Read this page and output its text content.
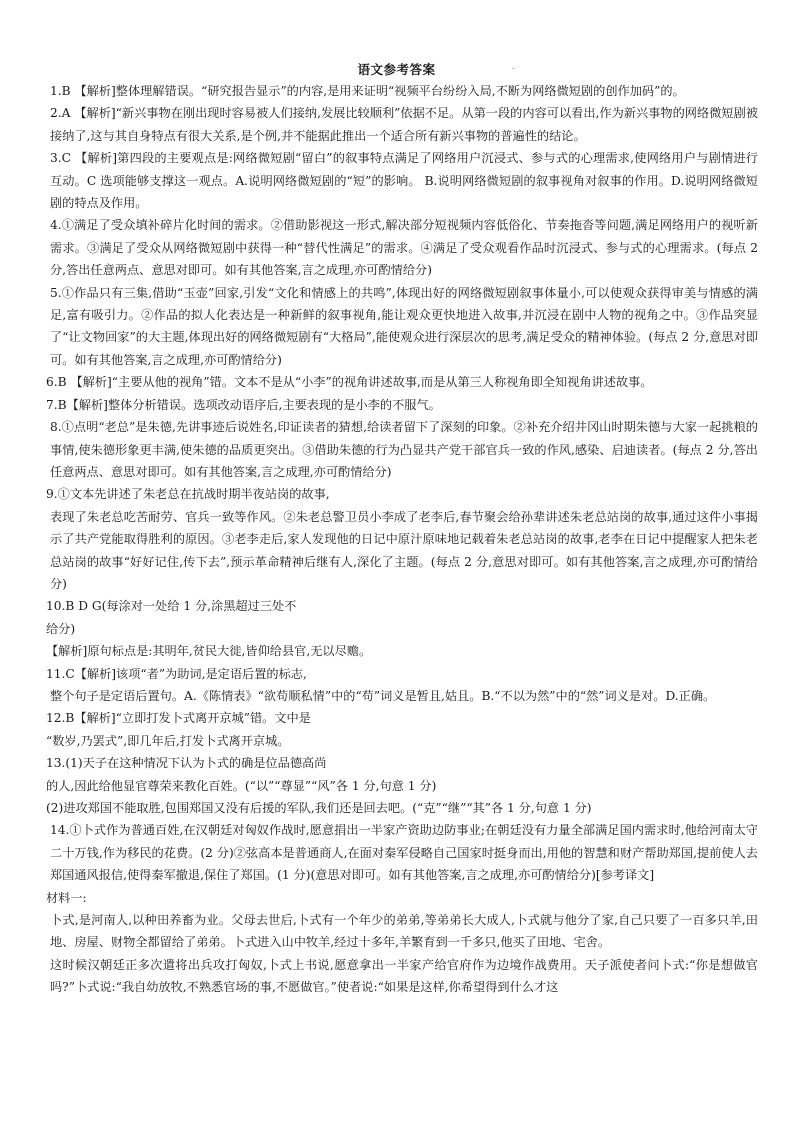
语文参考答案	.

1.B 【解析]整体理解错误。“研究报告显示”的内容,是用来证明“视频平台纷纷入局,不断为网络微短剧的创作加码”的。

2.A 【解析]“新兴事物在刚出现时容易被人们接纳,发展比较顺利”依据不足。从第一段的内容可以看出,作为新兴事物的网络微短剧被接纳了,这与其自身特点有很大关系,是个例,并不能据此推出一个适合所有新兴事物的普遍性的结论。

3.C 【解析]第四段的主要观点是:网络微短剧“留白”的叙事特点满足了网络用户沉浸式、参与式的心理需求,使网络用户与剧情进行互动。C 选项能够支撑这一观点。A.说明网络微短剧的“短”的影响。 B.说明网络微短剧的叙事视角对叙事的作用。D.说明网络微短剧的特点及作用。

4.①满足了受众填补碎片化时间的需求。②借助影视这一形式,解决部分短视频内容低俗化、节奏拖沓等问题,满足网络用户的视听新需求。③满足了受众从网络微短剧中获得一种“替代性满足”的需求。④满足了受众观看作品时沉浸式、参与式的心理需求。(每点 2 分,答出任意两点、意思对即可。如有其他答案,言之成理,亦可酌情给分)

5.①作品只有三集,借助“玉壶”回家,引发“文化和情感上的共鸣”,体现出好的网络微短剧叙事体量小,可以使观众获得审美与情感的满足,富有吸引力。②作品的拟人化表达是一种新鲜的叙事视角,能让观众更快地进入故事,并沉浸在剧中人物的视角之中。③作品突显了“让文物回家”的大主题,体现出好的网络微短剧有“大格局”,能使观众进行深层次的思考,满足受众的精神体验。(每点 2 分,意思对即可。如有其他答案,言之成理,亦可酌情给分)

6.B 【解析]“主要从他的视角”错。文本不是从“小李”的视角讲述故事,而是从第三人称视角即全知视角讲述故事。

7.B【解析]整体分析错误。选项改动语序后,主要表现的是小李的不服气。

8.①点明“老总”是朱德,先讲事迹后说姓名,印证读者的猜想,给读者留下了深刻的印象。②补充介绍井冈山时期朱德与大家一起挑粮的事情,使朱德形象更丰满,使朱德的品质更突出。③借助朱德的行为凸显共产党干部官兵一致的作风,感染、启迪读者。(每点 2 分,答出任意两点、意思对即可。如有其他答案,言之成理,亦可酌情给分)

9.①文本先讲述了朱老总在抗战时期半夜站岗的故事,

表现了朱老总吃苦耐劳、官兵一致等作风。②朱老总警卫员小李成了老李后,春节聚会给孙辈讲述朱老总站岗的故事,通过这件小事揭示了共产党能取得胜利的原因。③老李走后,家人发现他的日记中原汁原味地记载着朱老总站岗的故事,老李在日记中提醒家人把朱老总站岗的故事“好好记住,传下去”,预示革命精神后继有人,深化了主题。(每点 2 分,意思对即可。如有其他答案,言之成理,亦可酌情给分)

10.B D G(每涂对一处给 1 分,涂黑超过三处不

给分)

【解析]原句标点是:其明年,贫民大徙,皆仰给县官,无以尽赡。

11.C【解析]该项“者”为助词,是定语后置的标志,

整个句子是定语后置句。A.《陈情表》“欲苟顺私情”中的“苟”词义是暂且,姑且。B.“不以为然”中的“然”词义是对。D.正确。

12.B【解析]“立即打发卜式离开京城”错。文中是

“数岁,乃罢式”,即几年后,打发卜式离开京城。

13.(1)天子在这种情况下认为卜式的确是位品德高尚

的人,因此给他显官尊荣来教化百姓。(“以”“尊显”“风”各 1 分,句意 1 分)

(2)进攻郑国不能取胜,包围郑国又没有后援的军队,我们还是回去吧。(“克”“继”“其”各 1 分,句意 1 分)

14.①卜式作为普通百姓,在汉朝廷对匈奴作战时,愿意捐出一半家产资助边防事业;在朝廷没有力量全部满足国内需求时,他给河南太守二十万钱,作为移民的花费。(2 分)②弦高本是普通商人,在面对秦军侵略自己国家时挺身而出,用他的智慧和财产帮助郑国,提前使人去郑国通风报信,使得秦军撤退,保住了郑国。(1 分)(意思对即可。如有其他答案,言之成理,亦可酌情给分)[参考译文]

材料一:

卜式,是河南人,以种田养畜为业。父母去世后,卜式有一个年少的弟弟,等弟弟长大成人,卜式就与他分了家,自己只要了一百多只羊,田地、房屋、财物全都留给了弟弟。卜式进入山中牧羊,经过十多年,羊繁育到一千多只,他买了田地、宅舍。

这时候汉朝廷正多次遣将出兵攻打匈奴,卜式上书说,愿意拿出一半家产给官府作为边境作战费用。天子派使者问卜式:“你是想做官吗?”卜式说:“我自幼放牧,不熟悉官场的事,不愿做官。”使者说:“如果是这样,你希望得到什么才这
